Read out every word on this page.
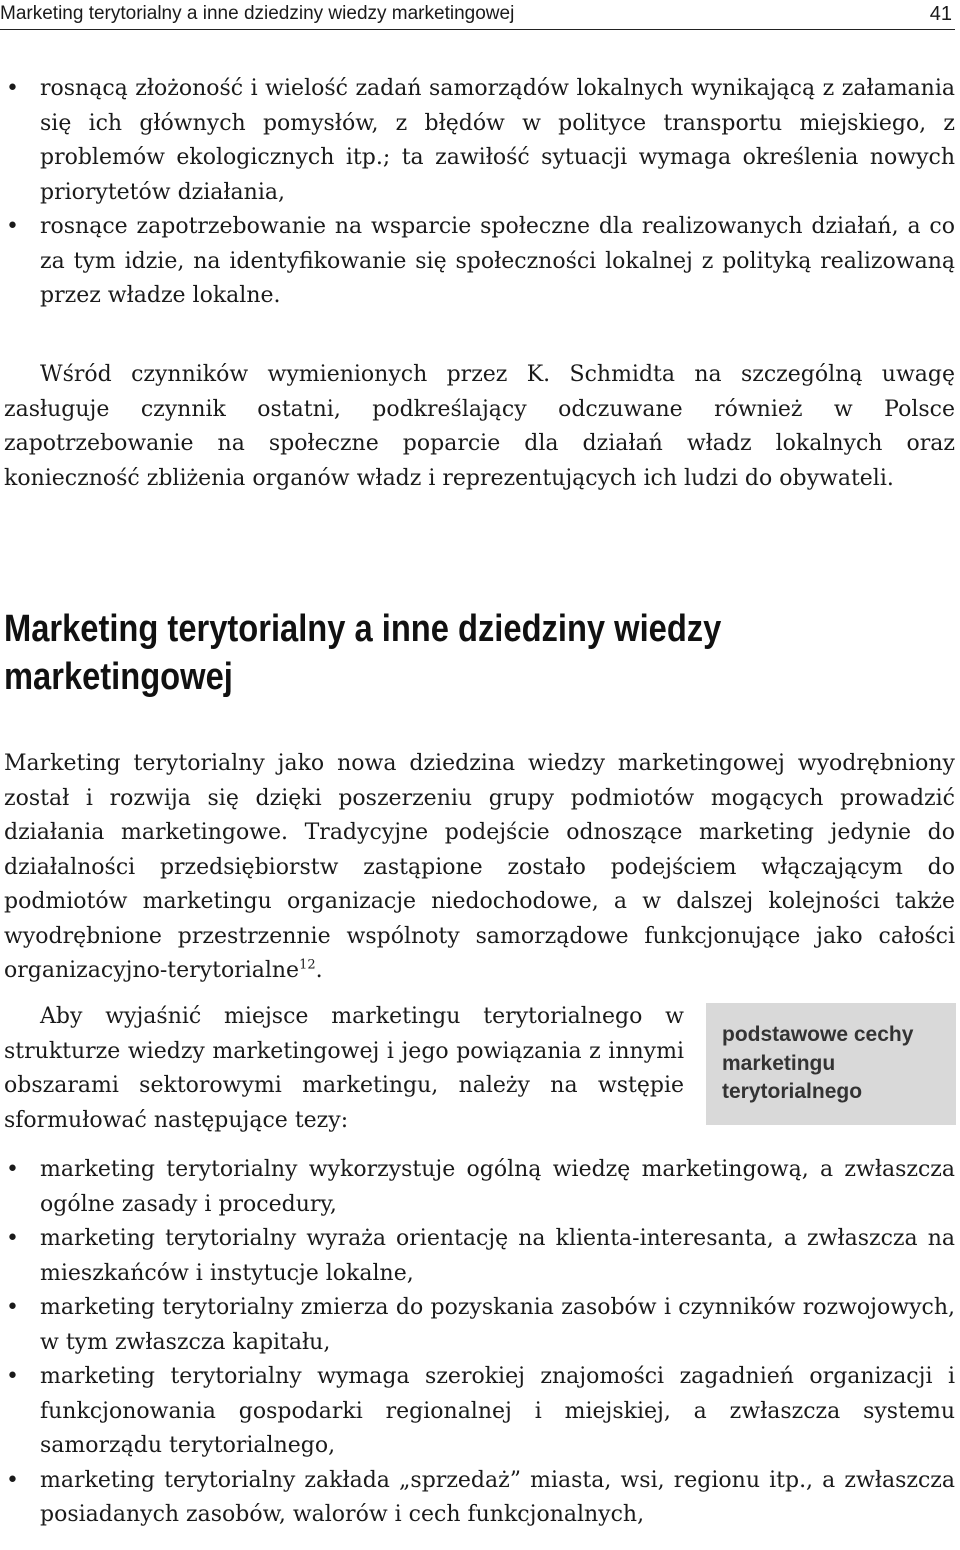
Marketing terytorialny a inne dziedziny wiedzy marketingowej	41
• rosnącą złożoność i wielość zadań samorządów lokalnych wynikającą z załamania się ich głównych pomysłów, z błędów w polityce transportu miejskiego, z problemów ekologicznych itp.; ta zawiłość sytuacji wymaga określenia nowych priorytetów działania,
• rosnące zapotrzebowanie na wsparcie społeczne dla realizowanych działań, a co za tym idzie, na identyfikowanie się społeczności lokalnej z polityką realizowaną przez władze lokalne.

Wśród czynników wymienionych przez K. Schmidta na szczególną uwagę zasługuje czynnik ostatni, podkreślający odczuwane również w Polsce zapotrzebowanie na społeczne poparcie dla działań władz lokalnych oraz konieczność zbliżenia organów władz i reprezentujących ich ludzi do obywateli.

Marketing terytorialny a inne dziedziny wiedzy marketingowej

Marketing terytorialny jako nowa dziedzina wiedzy marketingowej wyodrębniony został i rozwija się dzięki poszerzeniu grupy podmiotów mogących prowadzić działania marketingowe. Tradycyjne podejście odnoszące marketing jedynie do działalności przedsiębiorstw zastąpione zostało podejściem włączającym do podmiotów marketingu organizacje niedochodowe, a w dalszej kolejności także wyodrębnione przestrzennie wspólnoty samorządowe funkcjonujące jako całości organizacyjno-terytorialne$^{12}$.

Aby wyjaśnić miejsce marketingu terytorialnego w strukturze wiedzy marketingowej i jego powiązania z innymi obszarami sektorowymi marketingu, należy na wstępie sformułować następujące tezy:

podstawowe cechy marketingu terytorialnego
• marketing terytorialny wykorzystuje ogólną wiedzę marketingową, a zwłaszcza ogólne zasady i procedury,
• marketing terytorialny wyraża orientację na klienta-interesanta, a zwłaszcza na mieszkańców i instytucje lokalne,
• marketing terytorialny zmierza do pozyskania zasobów i czynników rozwojowych, w tym zwłaszcza kapitału,
• marketing terytorialny wymaga szerokiej znajomości zagadnień organizacji i funkcjonowania gospodarki regionalnej i miejskiej, a zwłaszcza systemu samorządu terytorialnego,
• marketing terytorialny zakłada „sprzedaż” miasta, wsi, regionu itp., a zwłaszcza posiadanych zasobów, walorów i cech funkcjonalnych,
